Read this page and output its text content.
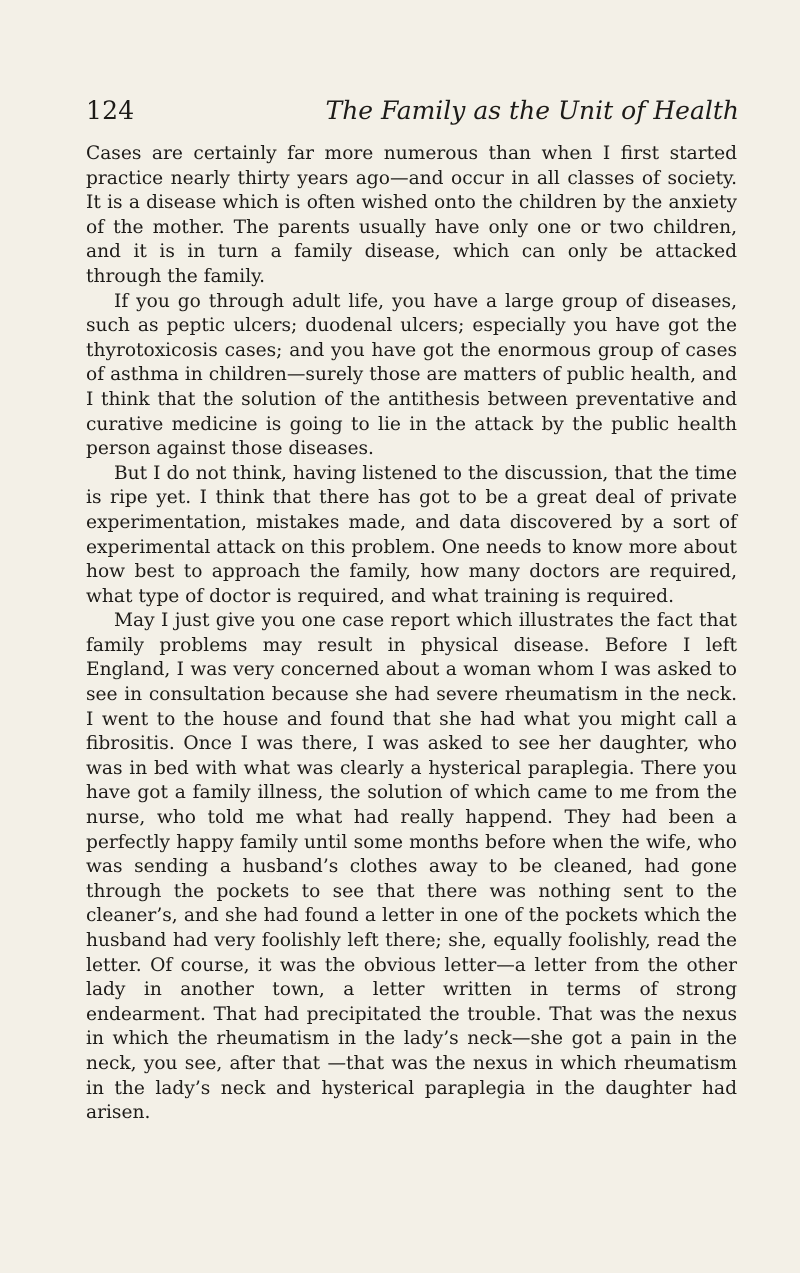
124	The Family as the Unit of Health

Cases are certainly far more numerous than when I first started practice nearly thirty years ago—and occur in all classes of society. It is a disease which is often wished onto the children by the anxiety of the mother. The parents usually have only one or two children, and it is in turn a family disease, which can only be attacked through the family.

If you go through adult life, you have a large group of diseases, such as peptic ulcers; duodenal ulcers; especially you have got the thyrotoxicosis cases; and you have got the enormous group of cases of asthma in children—surely those are matters of public health, and I think that the solution of the antithesis between preventative and curative medicine is going to lie in the attack by the public health person against those diseases.

But I do not think, having listened to the discussion, that the time is ripe yet. I think that there has got to be a great deal of private experimentation, mistakes made, and data discovered by a sort of experimental attack on this problem. One needs to know more about how best to approach the family, how many doctors are required, what type of doctor is required, and what training is required.

May I just give you one case report which illustrates the fact that family problems may result in physical disease. Before I left England, I was very concerned about a woman whom I was asked to see in consultation because she had severe rheumatism in the neck. I went to the house and found that she had what you might call a fibrositis. Once I was there, I was asked to see her daughter, who was in bed with what was clearly a hysterical paraplegia. There you have got a family illness, the solution of which came to me from the nurse, who told me what had really happend. They had been a perfectly happy family until some months before when the wife, who was sending a husband’s clothes away to be cleaned, had gone through the pockets to see that there was nothing sent to the cleaner’s, and she had found a letter in one of the pockets which the husband had very foolishly left there; she, equally foolishly, read the letter. Of course, it was the obvious letter—a letter from the other lady in another town, a letter written in terms of strong endearment. That had precipitated the trouble. That was the nexus in which the rheumatism in the lady’s neck—she got a pain in the neck, you see, after that —that was the nexus in which rheumatism in the lady’s neck and hysterical paraplegia in the daughter had arisen.
